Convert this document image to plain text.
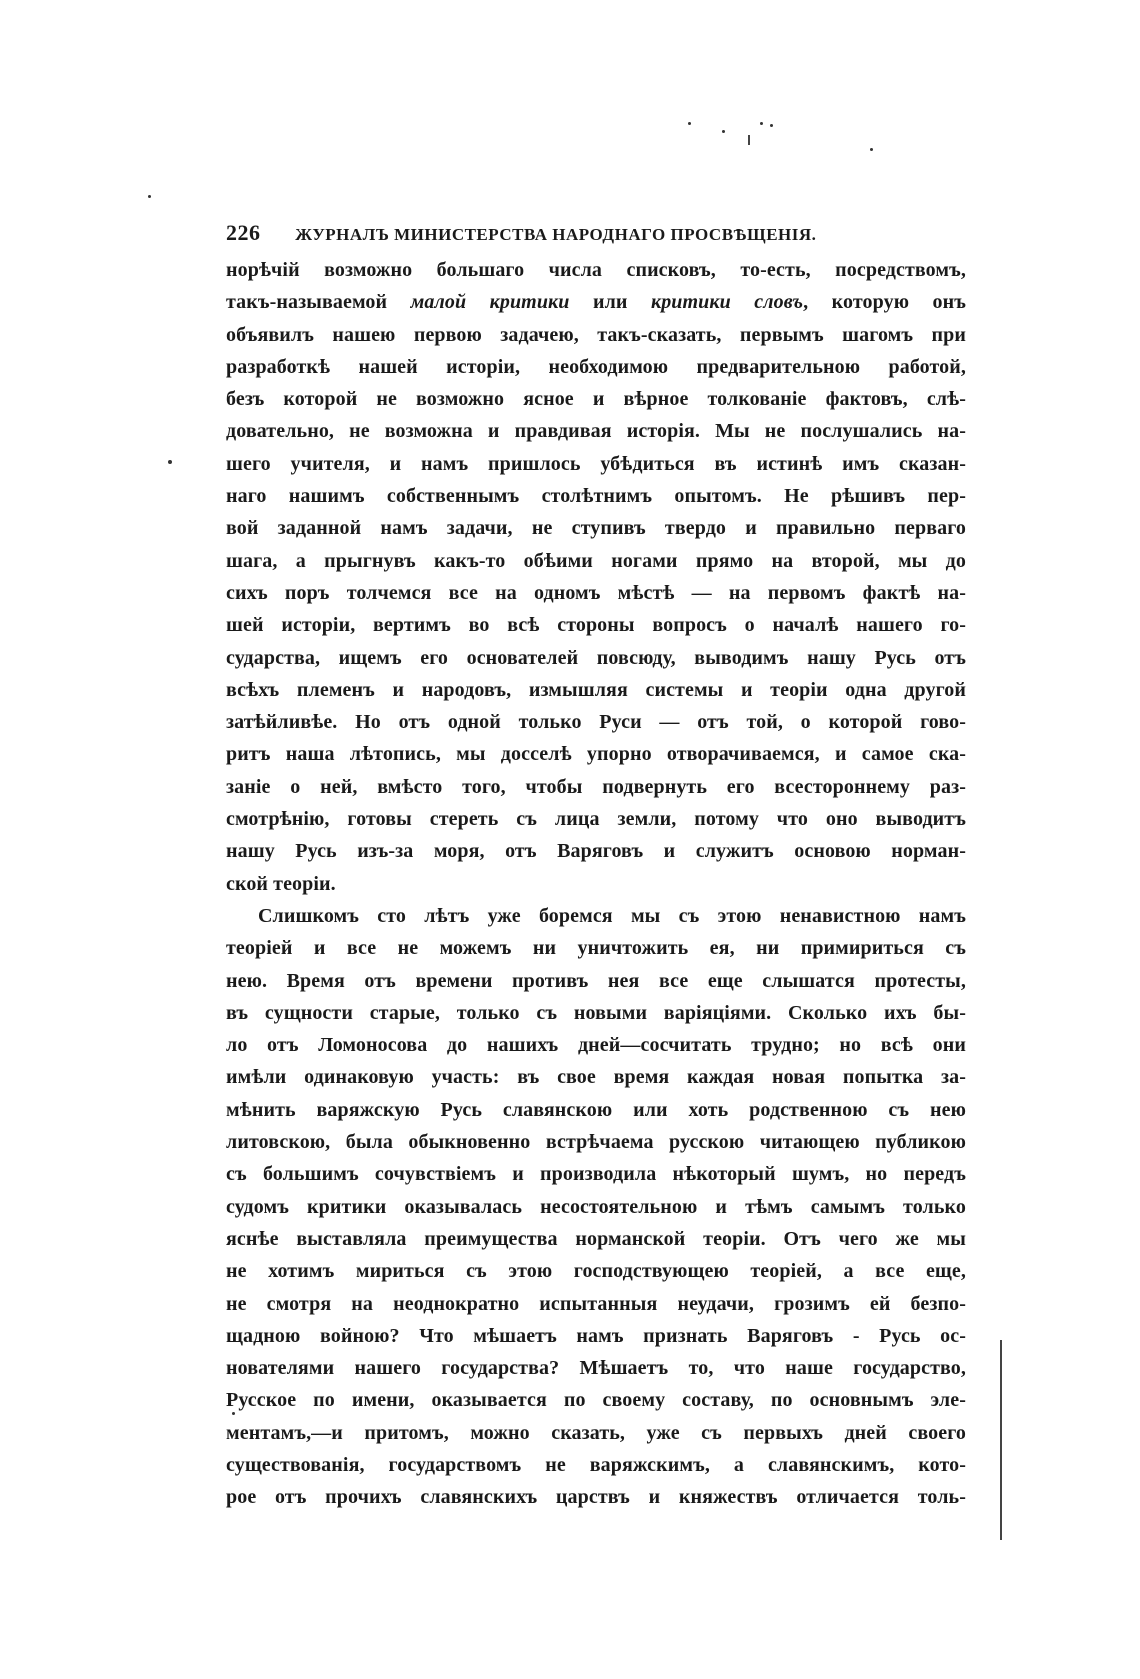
226 ЖУРНАЛЪ МИНИСТЕРСТВА НАРОДНАГО ПРОСВѢЩЕНІЯ.
норѣчій возможно большаго числа списковъ, то-есть, посредствомъ,
такъ-называемой малой критики или критики словъ, которую онъ
объявилъ нашею первою задачею, такъ-сказать, первымъ шагомъ при
разработкѣ нашей исторіи, необходимою предварительною работой,
безъ которой не возможно ясное и вѣрное толкованіе фактовъ, слѣ-
довательно, не возможна и правдивая исторія. Мы не послушались на-
шего учителя, и намъ пришлось убѣдиться въ истинѣ имъ сказан-
наго нашимъ собственнымъ столѣтнимъ опытомъ. Не рѣшивъ пер-
вой заданной намъ задачи, не ступивъ твердо и правильно перваго
шага, а прыгнувъ какъ-то обѣими ногами прямо на второй, мы до
сихъ поръ толчемся все на одномъ мѣстѣ — на первомъ фактѣ на-
шей исторіи, вертимъ во всѣ стороны вопросъ о началѣ нашего го-
сударства, ищемъ его основателей повсюду, выводимъ нашу Русь отъ
всѣхъ племенъ и народовъ, измышляя системы и теоріи одна другой
затѣйливѣе. Но отъ одной только Руси — отъ той, о которой гово-
ритъ наша лѣтопись, мы досселѣ упорно отворачиваемся, и самое ска-
заніе о ней, вмѣсто того, чтобы подвернуть его всестороннему раз-
смотрѣнію, готовы стереть съ лица земли, потому что оно выводитъ
нашу Русь изъ-за моря, отъ Варяговъ и служитъ основою норман-
ской теоріи.
Слишкомъ сто лѣтъ уже боремся мы съ этою ненавистною намъ
теоріей и все не можемъ ни уничтожить ея, ни примириться съ
нею. Время отъ времени противъ нея все еще слышатся протесты,
въ сущности старые, только съ новыми варіяціями. Сколько ихъ бы-
ло отъ Ломоносова до нашихъ дней—сосчитать трудно; но всѣ они
имѣли одинаковую участь: въ свое время каждая новая попытка за-
мѣнить варяжскую Русь славянскою или хоть родственною съ нею
литовскою, была обыкновенно встрѣчаема русскою читающею публикою
съ большимъ сочувствіемъ и производила нѣкоторый шумъ, но передъ
судомъ критики оказывалась несостоятельною и тѣмъ самымъ только
яснѣе выставляла преимущества норманской теоріи. Отъ чего же мы
не хотимъ мириться съ этою господствующею теоріей, а все еще,
не смотря на неоднократно испытанныя неудачи, грозимъ ей безпо-
щадною войною? Что мѣшаетъ намъ признать Варяговъ - Русь ос-
нователями нашего государства? Мѣшаетъ то, что наше государство,
Русское по имени, оказывается по своему составу, по основнымъ эле-
ментамъ,—и притомъ, можно сказать, уже съ первыхъ дней своего
существованія, государствомъ не варяжскимъ, а славянскимъ, кото-
рое отъ прочихъ славянскихъ царствъ и княжествъ отличается толь-
